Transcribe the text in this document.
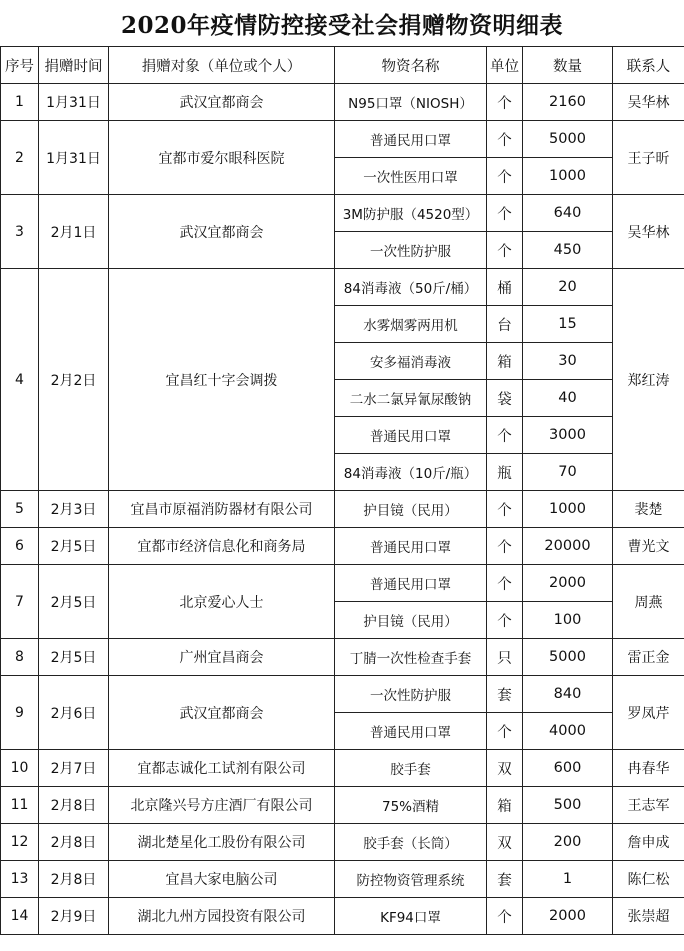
2020年疫情防控接受社会捐赠物资明细表
序号	捐赠时间	捐赠对象（单位或个人）	物资名称	单位	数量	联系人
1	1月31日	武汉宜都商会	N95口罩（NIOSH）	个	2160	吴华林
2	1月31日	宜都市爱尔眼科医院	普通民用口罩	个	5000	王子昕
			一次性医用口罩	个	1000	
3	2月1日	武汉宜都商会	3M防护服（4520型）	个	640	吴华林
			一次性防护服	个	450	
4	2月2日	宜昌红十字会调拨	84消毒液（50斤/桶）	桶	20	郑红涛
			水雾烟雾两用机	台	15	
			安多福消毒液	箱	30	
			二水二氯异氰尿酸钠	袋	40	
			普通民用口罩	个	3000	
			84消毒液（10斤/瓶）	瓶	70	
5	2月3日	宜昌市原福消防器材有限公司	护目镜（民用）	个	1000	裴楚
6	2月5日	宜都市经济信息化和商务局	普通民用口罩	个	20000	曹光文
7	2月5日	北京爱心人士	普通民用口罩	个	2000	周燕
			护目镜（民用）	个	100	
8	2月5日	广州宜昌商会	丁腈一次性检查手套	只	5000	雷正金
9	2月6日	武汉宜都商会	一次性防护服	套	840	罗凤芹
			普通民用口罩	个	4000	
10	2月7日	宜都志诚化工试剂有限公司	胶手套	双	600	冉春华
11	2月8日	北京隆兴号方庄酒厂有限公司	75%酒精	箱	500	王志军
12	2月8日	湖北楚星化工股份有限公司	胶手套（长筒）	双	200	詹申成
13	2月8日	宜昌大家电脑公司	防控物资管理系统	套	1	陈仁松
14	2月9日	湖北九州方园投资有限公司	KF94口罩	个	2000	张崇超
